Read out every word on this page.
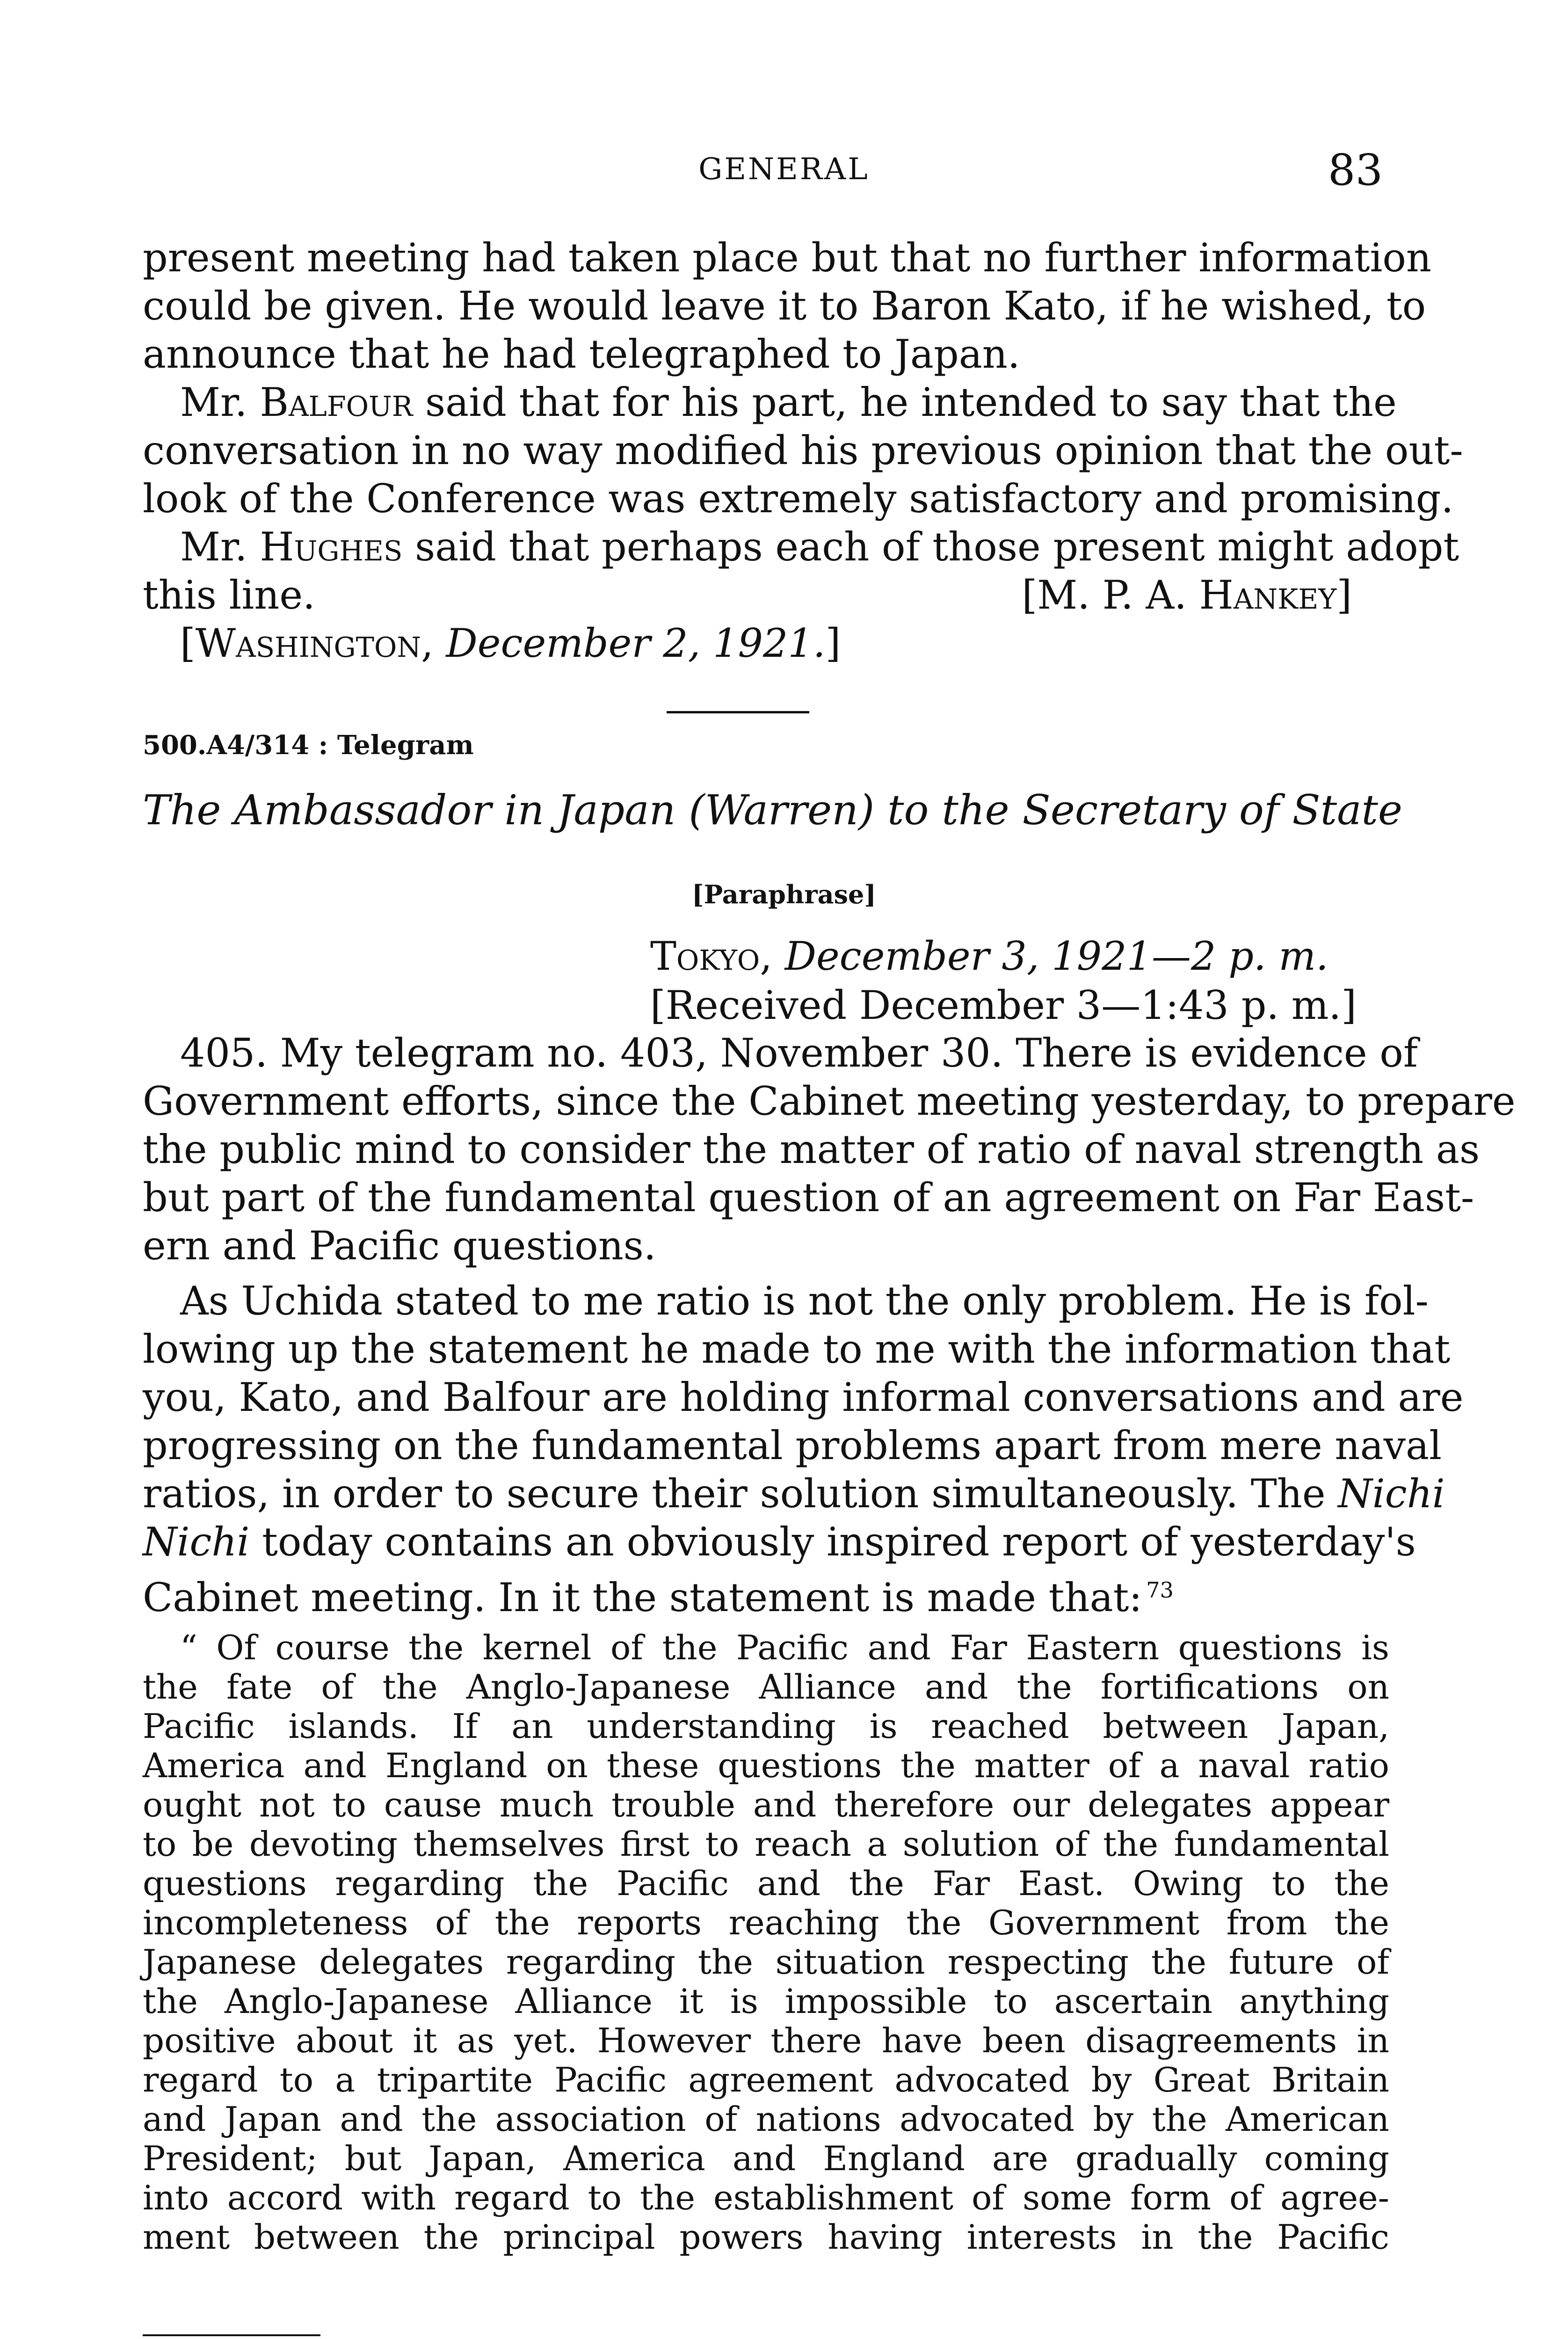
GENERAL	83
present meeting had taken place but that no further information
could be given. He would leave it to Baron Kato, if he wished, to
announce that he had telegraphed to Japan.
Mr. Balfour said that for his part, he intended to say that the
conversation in no way modified his previous opinion that the out-
look of the Conference was extremely satisfactory and promising.
Mr. Hughes said that perhaps each of those present might adopt
this line.	[M. P. A. Hankey]
[Washington, December 2, 1921.]
500.A4/314 : Telegram
The Ambassador in Japan (Warren) to the Secretary of State
[Paraphrase]
Tokyo, December 3, 1921—2 p. m.
[Received December 3—1:43 p. m.]
405. My telegram no. 403, November 30. There is evidence of
Government efforts, since the Cabinet meeting yesterday, to prepare
the public mind to consider the matter of ratio of naval strength as
but part of the fundamental question of an agreement on Far East-
ern and Pacific questions.
As Uchida stated to me ratio is not the only problem. He is fol-
lowing up the statement he made to me with the information that
you, Kato, and Balfour are holding informal conversations and are
progressing on the fundamental problems apart from mere naval
ratios, in order to secure their solution simultaneously. The Nichi
Nichi today contains an obviously inspired report of yesterday's
Cabinet meeting. In it the statement is made that:  $^{73}$
“ Of course the kernel of the Pacific and Far Eastern questions is
the fate of the Anglo-Japanese Alliance and the fortifications on
Pacific islands. If an understanding is reached between Japan,
America and England on these questions the matter of a naval ratio
ought not to cause much trouble and therefore our delegates appear
to be devoting themselves first to reach a solution of the fundamental
questions regarding the Pacific and the Far East. Owing to the
incompleteness of the reports reaching the Government from the
Japanese delegates regarding the situation respecting the future of
the Anglo-Japanese Alliance it is impossible to ascertain anything
positive about it as yet. However there have been disagreements in
regard to a tripartite Pacific agreement advocated by Great Britain
and Japan and the association of nations advocated by the American
President; but Japan, America and England are gradually coming
into accord with regard to the establishment of some form of agree-
ment between the principal powers having interests in the Pacific
